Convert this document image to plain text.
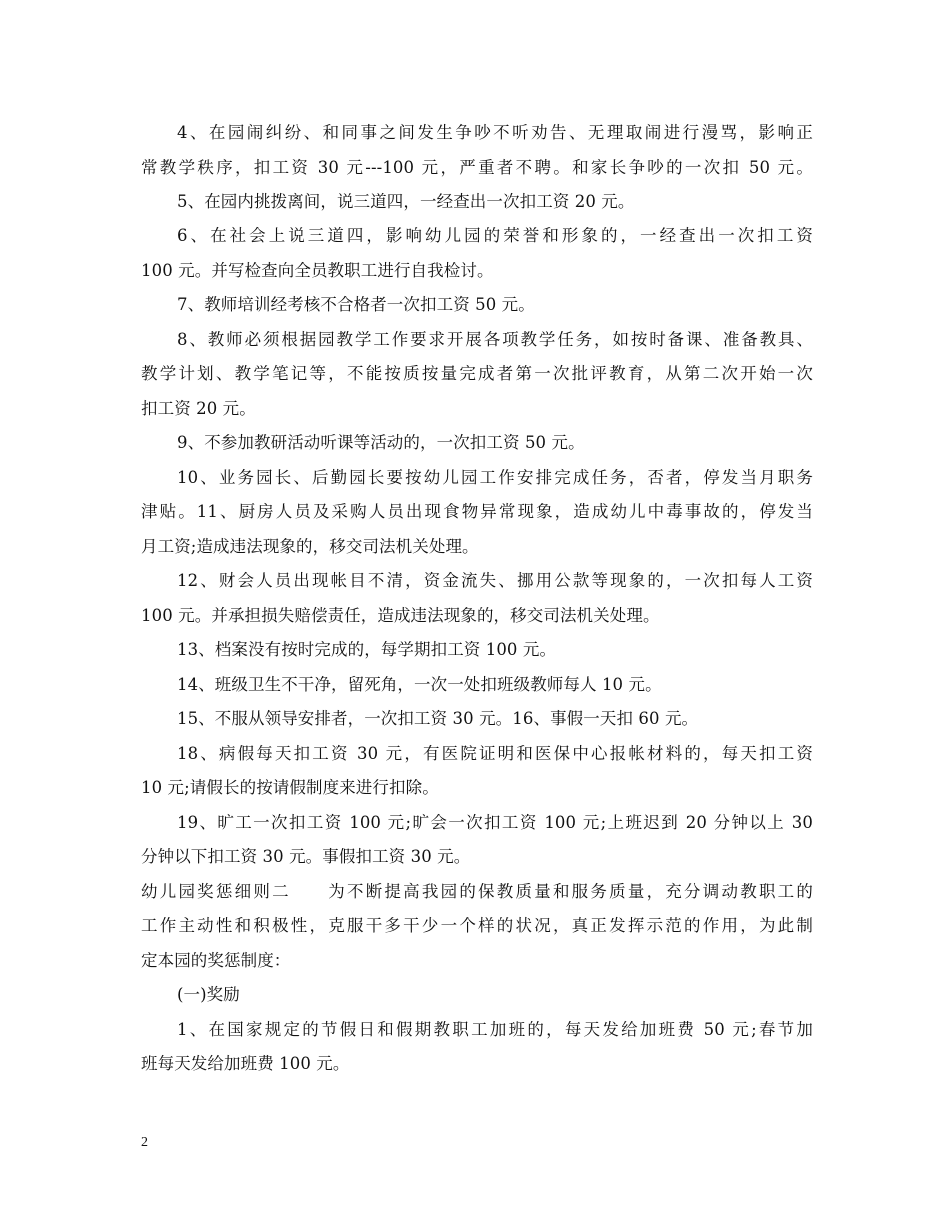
4、在园闹纠纷、和同事之间发生争吵不听劝告、无理取闹进行漫骂，影响正
常教学秩序，扣工资 30 元---100 元，严重者不聘。和家长争吵的一次扣 50 元。
5、在园内挑拨离间，说三道四，一经查出一次扣工资 20 元。
6、在社会上说三道四，影响幼儿园的荣誉和形象的，一经查出一次扣工资
100 元。并写检查向全员教职工进行自我检讨。
7、教师培训经考核不合格者一次扣工资 50 元。
8、教师必须根据园教学工作要求开展各项教学任务，如按时备课、准备教具、
教学计划、教学笔记等，不能按质按量完成者第一次批评教育，从第二次开始一次
扣工资 20 元。
9、不参加教研活动听课等活动的，一次扣工资 50 元。
10、业务园长、后勤园长要按幼儿园工作安排完成任务，否者，停发当月职务
津贴。11、厨房人员及采购人员出现食物异常现象，造成幼儿中毒事故的，停发当
月工资;造成违法现象的，移交司法机关处理。
12、财会人员出现帐目不清，资金流失、挪用公款等现象的，一次扣每人工资
100 元。并承担损失赔偿责任，造成违法现象的，移交司法机关处理。
13、档案没有按时完成的，每学期扣工资 100 元。
14、班级卫生不干净，留死角，一次一处扣班级教师每人 10 元。
15、不服从领导安排者，一次扣工资 30 元。16、事假一天扣 60 元。
18、病假每天扣工资 30 元，有医院证明和医保中心报帐材料的，每天扣工资
10 元;请假长的按请假制度来进行扣除。
19、旷工一次扣工资 100 元;旷会一次扣工资 100 元;上班迟到 20 分钟以上 30
分钟以下扣工资 30 元。事假扣工资 30 元。
幼儿园奖惩细则二　　为不断提高我园的保教质量和服务质量，充分调动教职工的
工作主动性和积极性，克服干多干少一个样的状况，真正发挥示范的作用，为此制
定本园的奖惩制度：
(一)奖励
1、在国家规定的节假日和假期教职工加班的，每天发给加班费 50 元;春节加
班每天发给加班费 100 元。
2
